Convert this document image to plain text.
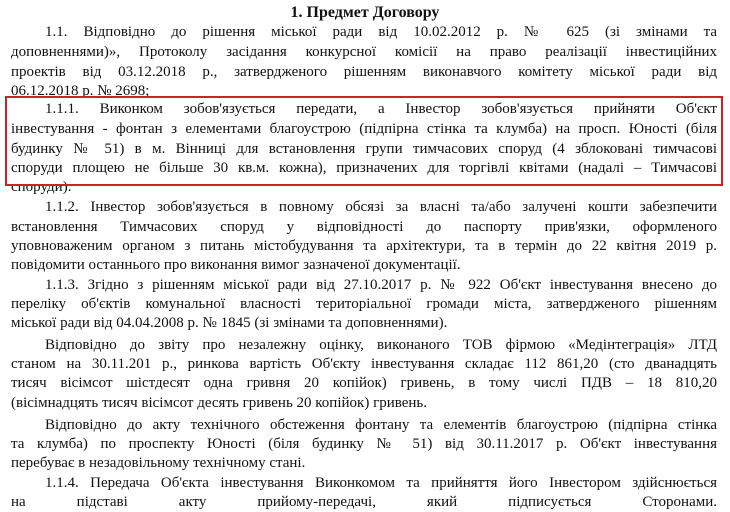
1. Предмет Договору
1.1. Відповідно до рішення міської ради від 10.02.2012 р. № 625 (зі змінами та
доповненнями)», Протоколу засідання конкурсної комісії на право реалізації інвестиційних
проектів від 03.12.2018 р., затвердженого рішенням виконавчого комітету міської ради від
06.12.2018 р. № 2698;
1.1.1. Виконком зобов'язується передати, а Інвестор зобов'язується прийняти Об'єкт
інвестування - фонтан з елементами благоустрою (підпірна стінка та клумба) на просп. Юності (біля
будинку № 51) в м. Вінниці для встановлення групи тимчасових споруд (4 зблоковані тимчасові
споруди площею не більше 30 кв.м. кожна), призначених для торгівлі квітами (надалі – Тимчасові
споруди).
1.1.2. Інвестор зобов'язується в повному обсязі за власні та/або залучені кошти забезпечити
встановлення Тимчасових споруд у відповідності до паспорту прив'язки, оформленого
уповноваженим органом з питань містобудування та архітектури, та в термін до 22 квітня 2019 р.
повідомити останнього про виконання вимог зазначеної документації.
1.1.3. Згідно з рішенням міської ради від 27.10.2017 р. № 922 Об'єкт інвестування внесено до
переліку об'єктів комунальної власності територіальної громади міста, затвердженого рішенням
міської ради від 04.04.2008 р. № 1845 (зі змінами та доповненнями).
Відповідно до звіту про незалежну оцінку, виконаного ТОВ фірмою «Медінтеграція» ЛТД
станом на 30.11.201 р., ринкова вартість Об'єкту інвестування складає 112 861,20 (сто дванадцять
тисяч вісімсот шістдесят одна гривня 20 копійок) гривень, в тому числі ПДВ – 18 810,20
(вісімнадцять тисяч вісімсот десять гривень 20 копійок) гривень.
Відповідно до акту технічного обстеження фонтану та елементів благоустрою (підпірна стінка
та клумба) по проспекту Юності (біля будинку № 51) від 30.11.2017 р. Об'єкт інвестування
перебуває в незадовільному технічному стані.
1.1.4. Передача Об'єкта інвестування Виконкомом та прийняття його Інвестором здійснюється
на підставі акту прийому-передачі, який підписується Сторонами.
